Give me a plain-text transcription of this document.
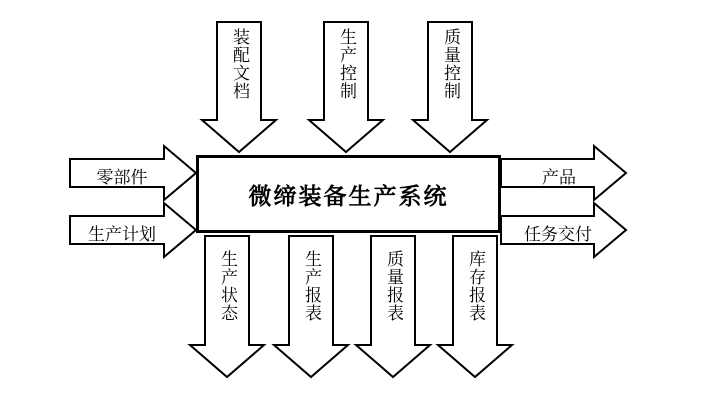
微缔装备生产系统
装配文档	生产控制	质量控制
零部件
生产计划
产品
任务交付
生产状态	生产报表	质量报表	库存报表
